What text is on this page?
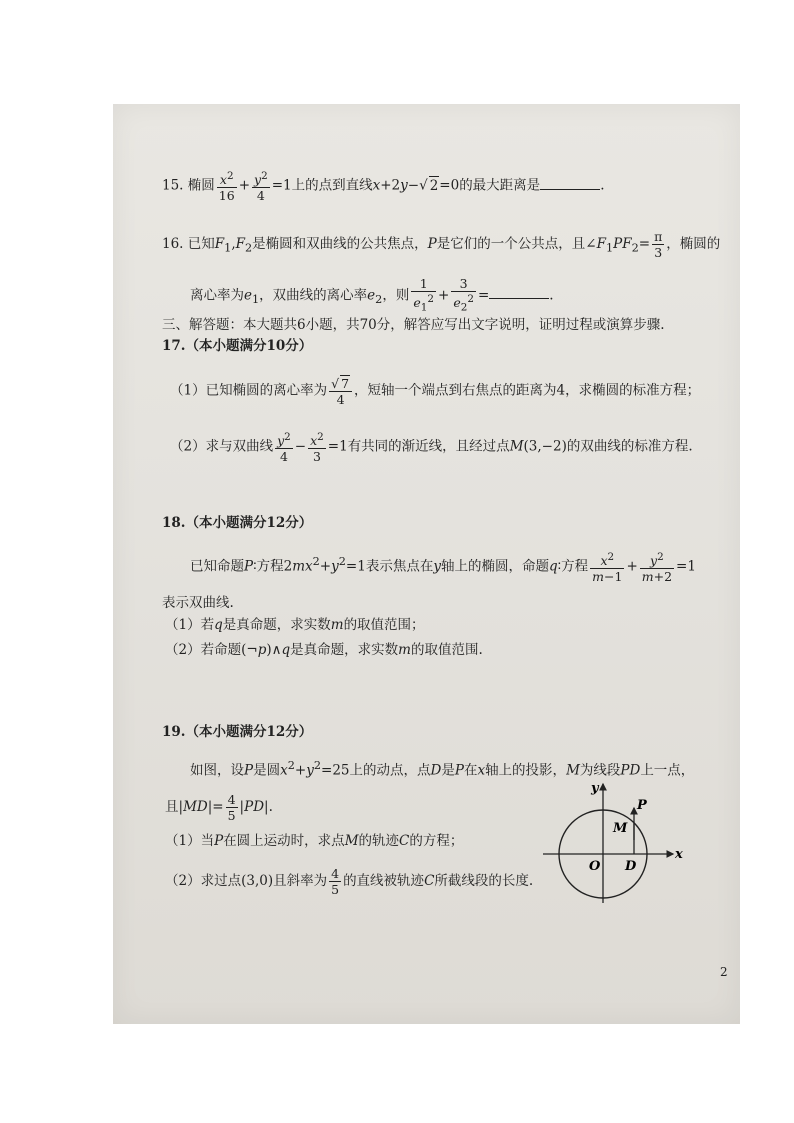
15. 椭圆 $\frac{x^2}{16} + \frac{y^2}{4} =1$上的点到直线x+2y−√ 2=0的最大距离是	.
16. 已知$F_1,F_2$是椭圆和双曲线的公共焦点，P是它们的一个公共点，且$\angle F_1PF_2= \frac{\pi}{3}$ ，椭圆的
离心率为$e_1$，双曲线的离心率$e_2$，则 $\frac{1}{e_1^2} + \frac{3}{e_2^2}$ =	.
三、解答题：本大题共6小题，共70分，解答应写出文字说明，证明过程或演算步骤.
17.（本小题满分10分）
（1）已知椭圆的离心率为 $\frac{√ 7}{4}$ ，短轴一个端点到右焦点的距离为4，求椭圆的标准方程；
（2）求与双曲线 $\frac{y^2}{4} - \frac{x^2}{3} =1$有共同的渐近线，且经过点M(3,−2)的双曲线的标准方程.
18.（本小题满分12分）
已知命题P∶方程$2mx^2+y^2=1$表示焦点在y轴上的椭圆，命题q∶方程 $\frac{x^2}{m-1} + \frac{y^2}{m+2} =1$
表示双曲线.
（1）若q是真命题，求实数m的取值范围；
（2）若命题(¬p)∧q是真命题，求实数m的取值范围.
19.（本小题满分12分）
如图，设P是圆$x^2+y^2=25$上的动点，点D是P在x轴上的投影，M为线段PD上一点，
且$|MD|= \frac{4}{5} |PD|$.
（1）当P在圆上运动时，求点M的轨迹C的方程；
（2）求过点(3,0)且斜率为 $\frac{4}{5}$ 的直线被轨迹C所截线段的长度.
y
x
O D
M
P
2
